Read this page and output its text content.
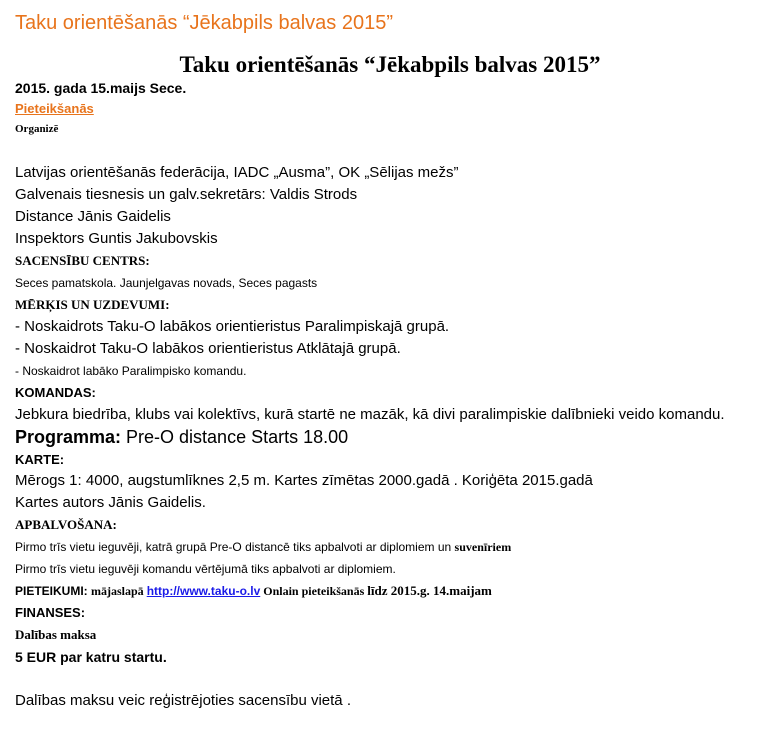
Taku orientēšanās “Jēkabpils balvas 2015”
Taku orientēšanās “Jēkabpils balvas 2015”
2015. gada 15.maijs Sece.
Pieteikšanās
Organizē
Latvijas orientēšanās federācija, IADC „Ausma”, OK „Sēlijas mežs”
Galvenais tiesnesis un galv.sekretārs: Valdis Strods
Distance Jānis Gaidelis
Inspektors Guntis Jakubovskis
SACENSĪBU CENTRS:
Seces pamatskola. Jaunjelgavas novads, Seces pagasts
MĒRĶIS UN UZDEVUMI:
- Noskaidrots Taku-O labākos orientieristus Paralimpiskajā grupā.
- Noskaidrot Taku-O labākos orientieristus Atklātajā grupā.
- Noskaidrot labāko Paralimpisko komandu.
KOMANDAS:
Jebkura biedrība, klubs vai kolektīvs, kurā startē ne mazāk, kā divi paralimpiskie dalībnieki veido komandu.
Programma: Pre-O distance Starts 18.00
KARTE:
Mērogs 1: 4000, augstumlīknes 2,5 m. Kartes zīmētas 2000.gadā . Koriģēta 2015.gadā
Kartes autors Jānis Gaidelis.
APBALVOŠANA:
Pirmo trīs vietu ieguvēji, katrā grupā Pre-O distancē tiks apbalvoti ar diplomiem un suvenīriem
Pirmo trīs vietu ieguvēji komandu vērtējumā tiks apbalvoti ar diplomiem.
PIETEIKUMI: mājaslapā http://www.taku-o.lv Onlain pieteikšanās līdz 2015.g. 14.maijam
FINANSES:
Dalības maksa
5 EUR par katru startu.
Dalības maksu veic reģistrējoties sacensību vietā .
